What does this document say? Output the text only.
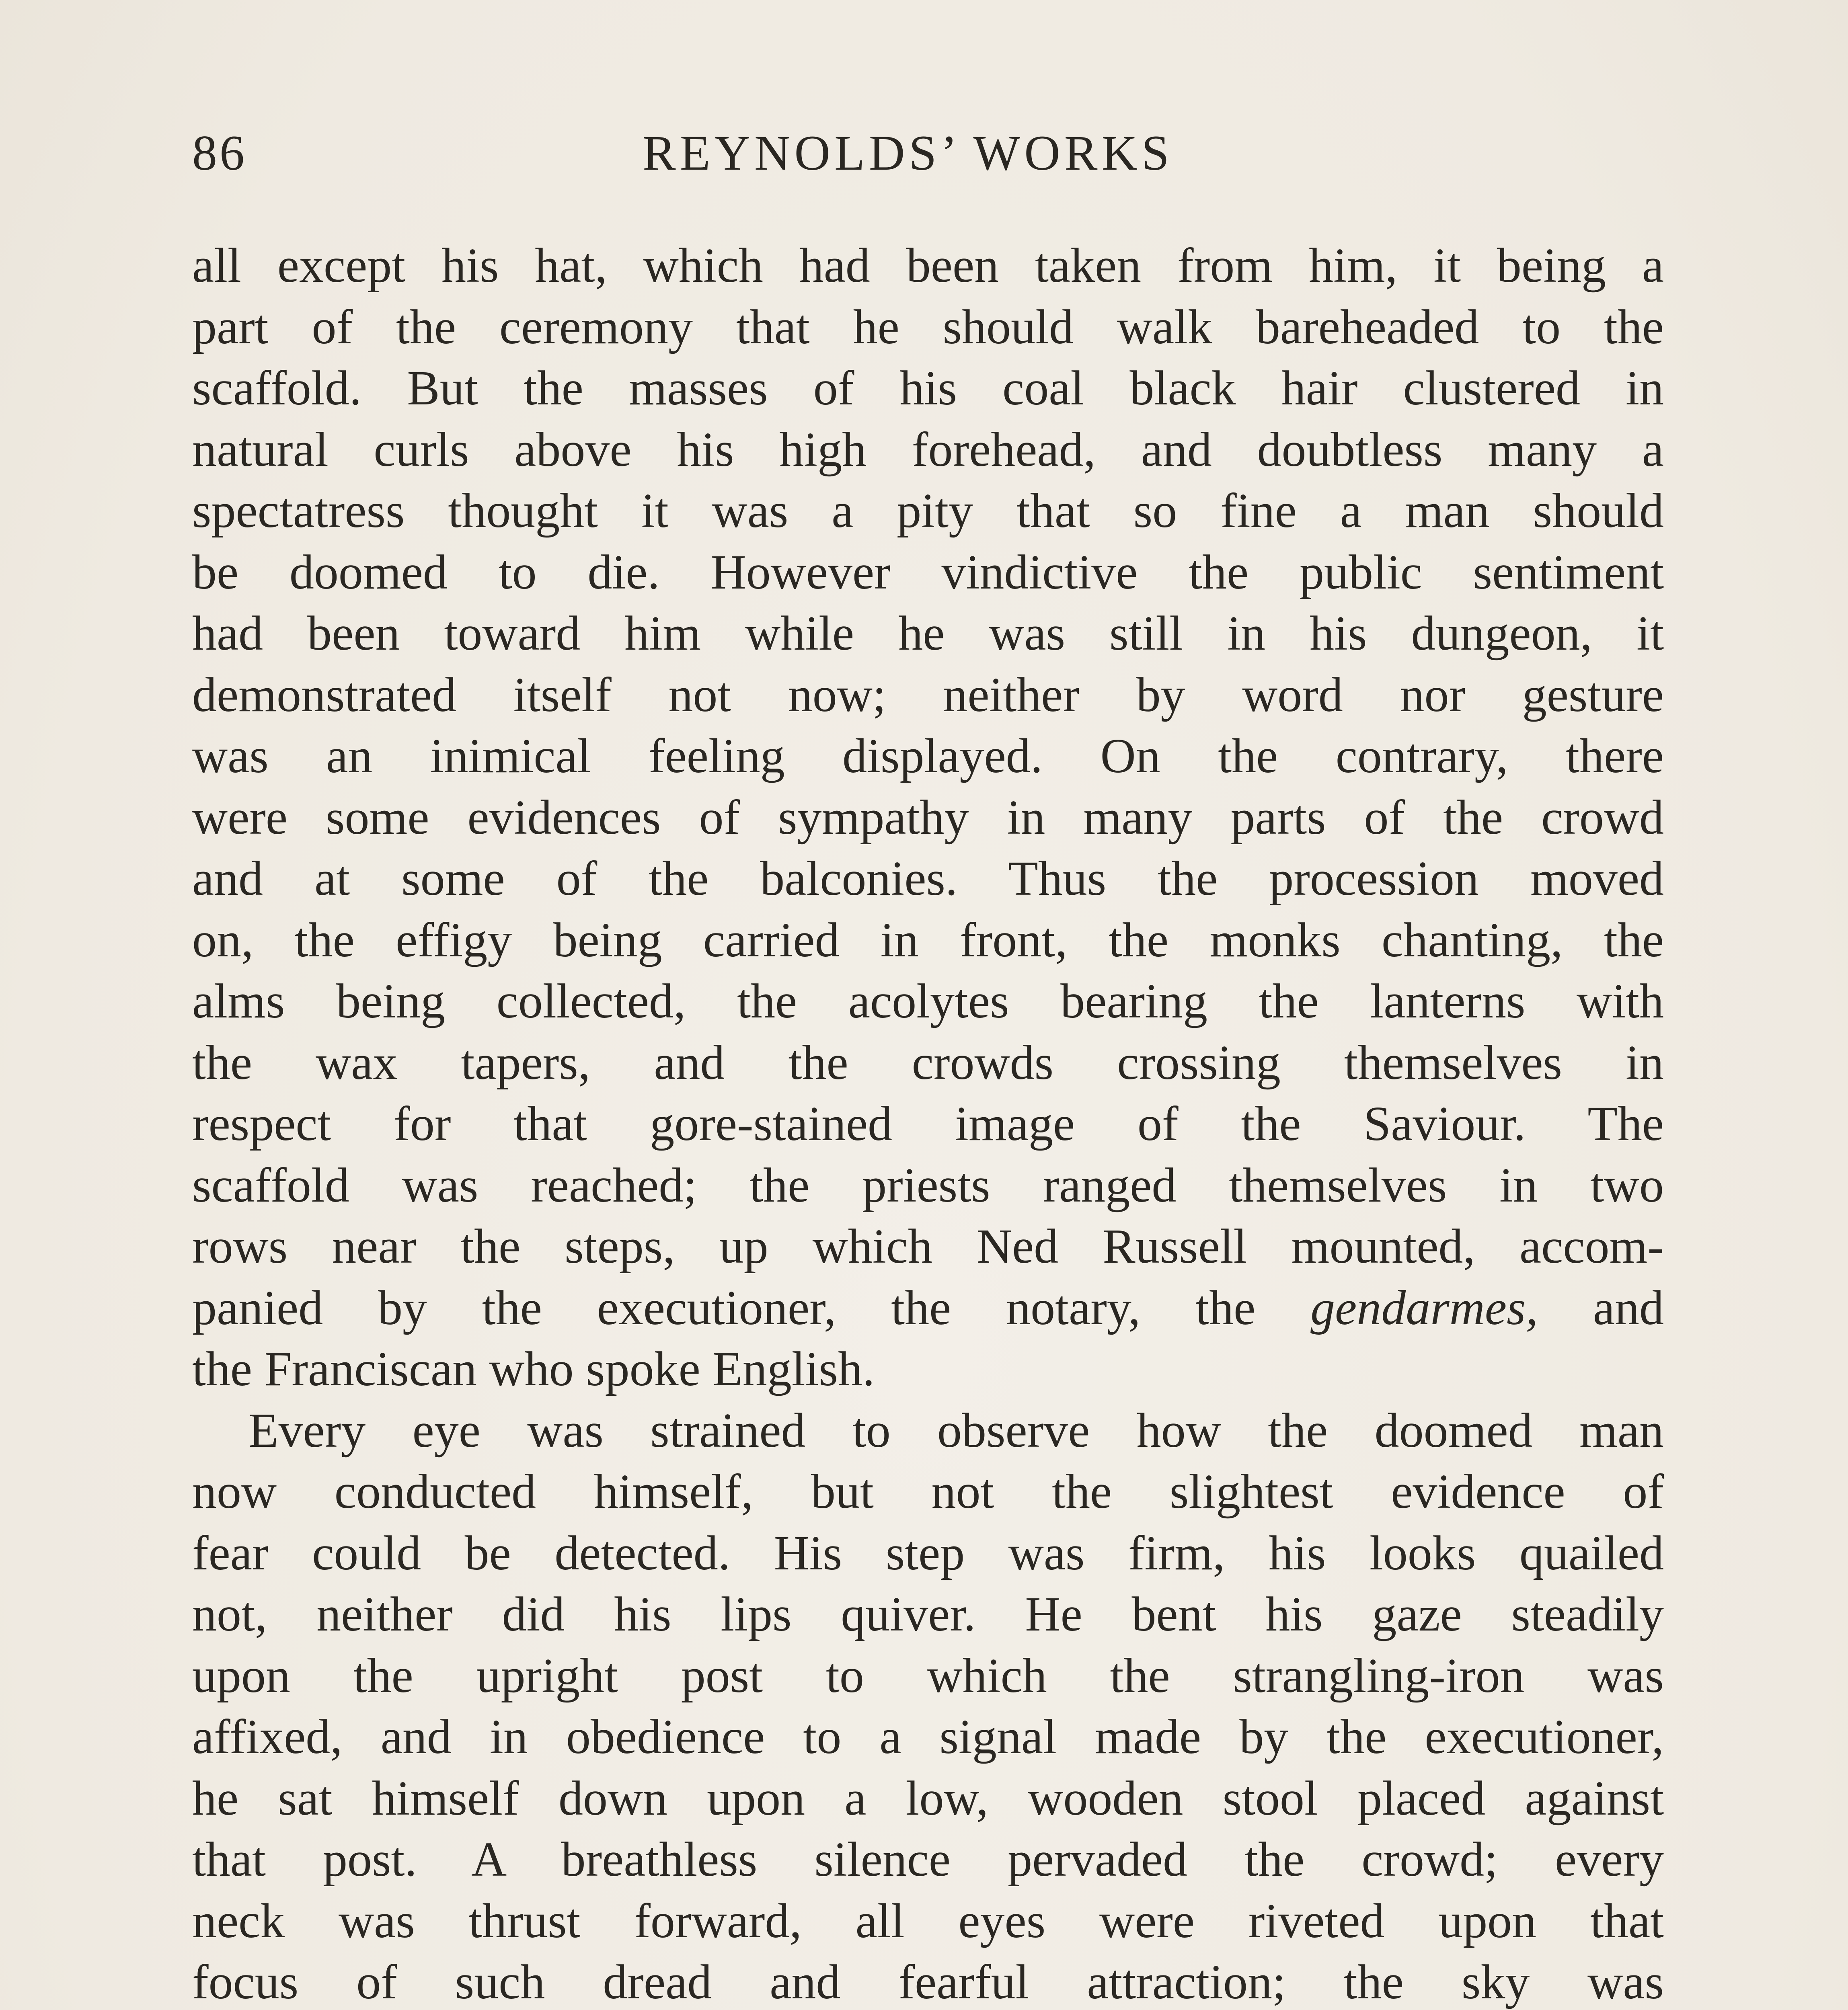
86	REYNOLDS’ WORKS
all except his hat, which had been taken from him, it being a
part of the ceremony that he should walk bareheaded to the
scaffold. But the masses of his coal black hair clustered in
natural curls above his high forehead, and doubtless many a
spectatress thought it was a pity that so fine a man should
be doomed to die. However vindictive the public sentiment
had been toward him while he was still in his dungeon, it
demonstrated itself not now; neither by word nor gesture
was an inimical feeling displayed. On the contrary, there
were some evidences of sympathy in many parts of the crowd
and at some of the balconies. Thus the procession moved
on, the effigy being carried in front, the monks chanting, the
alms being collected, the acolytes bearing the lanterns with
the wax tapers, and the crowds crossing themselves in
respect for that gore-stained image of the Saviour. The
scaffold was reached; the priests ranged themselves in two
rows near the steps, up which Ned Russell mounted, accom-
panied by the executioner, the notary, the gendarmes, and
the Franciscan who spoke English.
Every eye was strained to observe how the doomed man
now conducted himself, but not the slightest evidence of
fear could be detected. His step was firm, his looks quailed
not, neither did his lips quiver. He bent his gaze steadily
upon the upright post to which the strangling-iron was
affixed, and in obedience to a signal made by the executioner,
he sat himself down upon a low, wooden stool placed against
that post. A breathless silence pervaded the crowd; every
neck was thrust forward, all eyes were riveted upon that
focus of such dread and fearful attraction; the sky was
